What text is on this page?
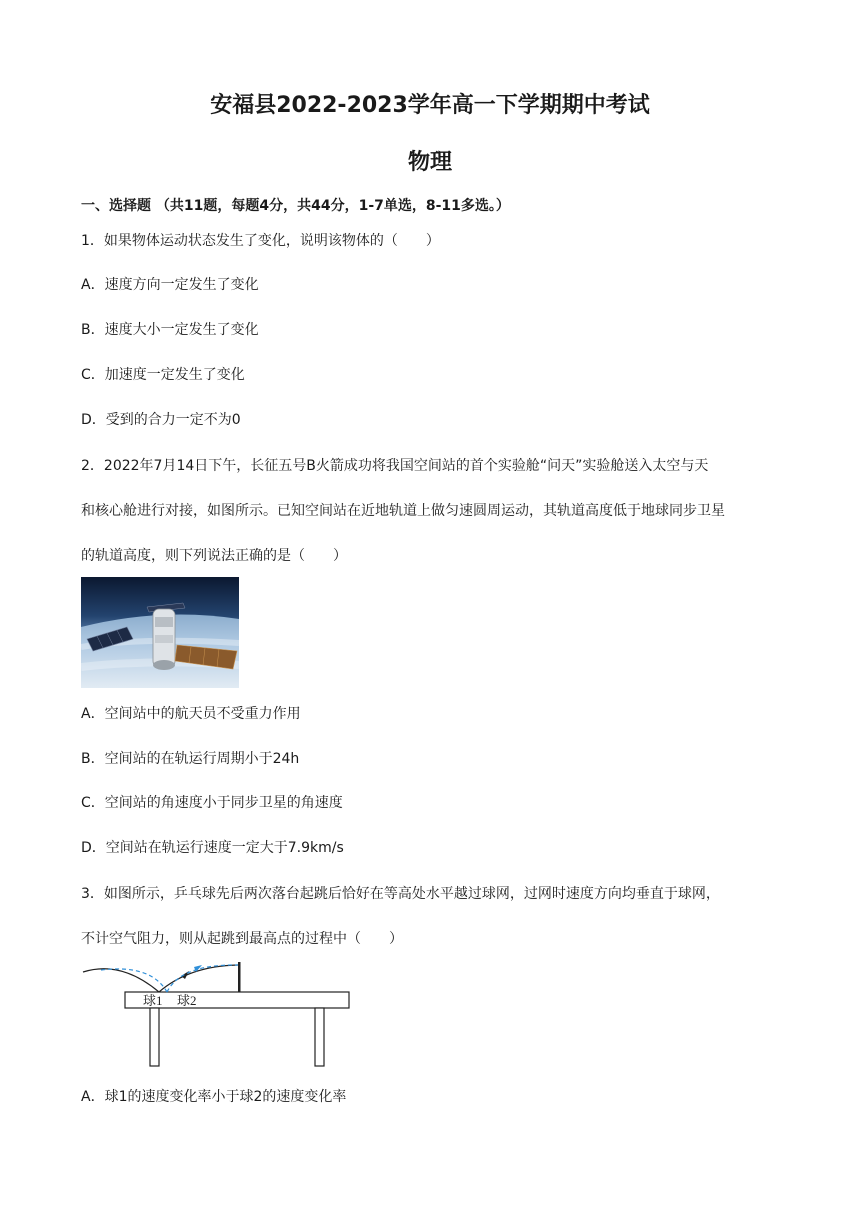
安福县2022-2023学年高一下学期期中考试
物理
一、选择题 （共11题，每题4分，共44分，1-7单选，8-11多选。）
1．如果物体运动状态发生了变化，说明该物体的（　　）
A．速度方向一定发生了变化
B．速度大小一定发生了变化
C．加速度一定发生了变化
D．受到的合力一定不为0
2．2022年7月14日下午，长征五号B火箭成功将我国空间站的首个实验舱“问天”实验舱送入太空与天
和核心舱进行对接，如图所示。已知空间站在近地轨道上做匀速圆周运动，其轨道高度低于地球同步卫星
的轨道高度，则下列说法正确的是（　　）
A．空间站中的航天员不受重力作用
B．空间站的在轨运行周期小于24h
C．空间站的角速度小于同步卫星的角速度
D．空间站在轨运行速度一定大于7.9km/s
3．如图所示，乒乓球先后两次落台起跳后恰好在等高处水平越过球网，过网时速度方向均垂直于球网，
不计空气阻力，则从起跳到最高点的过程中（　　）
球1 球2
A．球1的速度变化率小于球2的速度变化率
